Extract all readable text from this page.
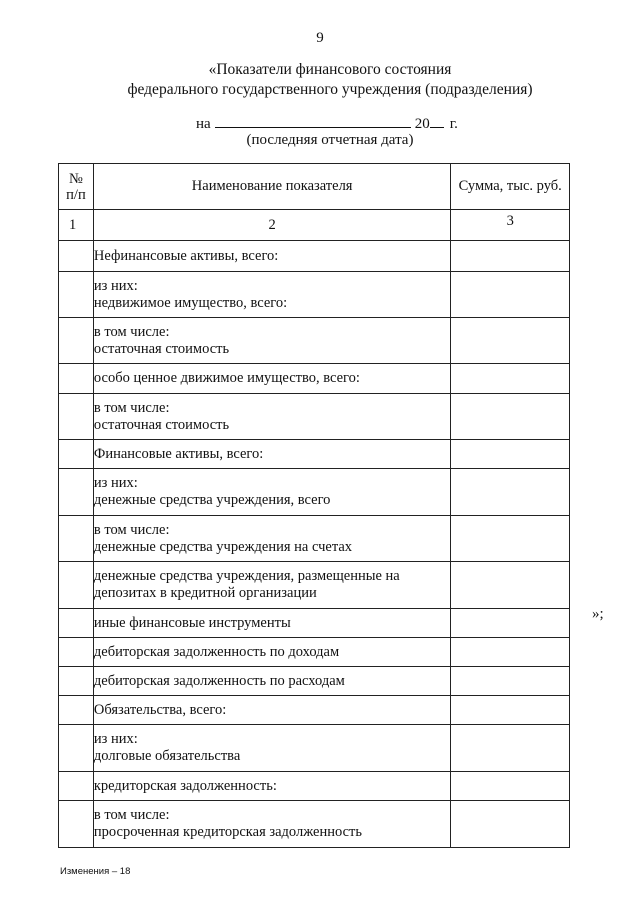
9
«Показатели финансового состояния
федерального государственного учреждения (подразделения)
на	20 г.
(последняя отчетная дата)
№
п/п	Наименование показателя	Сумма, тыс. руб.
1	2	3

	Нефинансовые активы, всего:	

	из них:
недвижимое имущество, всего:	

	в том числе:
остаточная стоимость	

	особо ценное движимое имущество, всего:	

	в том числе:
остаточная стоимость	

	Финансовые активы, всего:	

	из них:
денежные средства учреждения, всего	

	в том числе:
денежные средства учреждения на счетах	

	денежные средства учреждения, размещенные на
депозитах в кредитной организации	

	иные финансовые инструменты	

	дебиторская задолженность по доходам	

	дебиторская задолженность по расходам	

	Обязательства, всего:	

	из них:
долговые обязательства	

	кредиторская задолженность:	

	в том числе:
просроченная кредиторская задолженность	

»;
Изменения – 18
